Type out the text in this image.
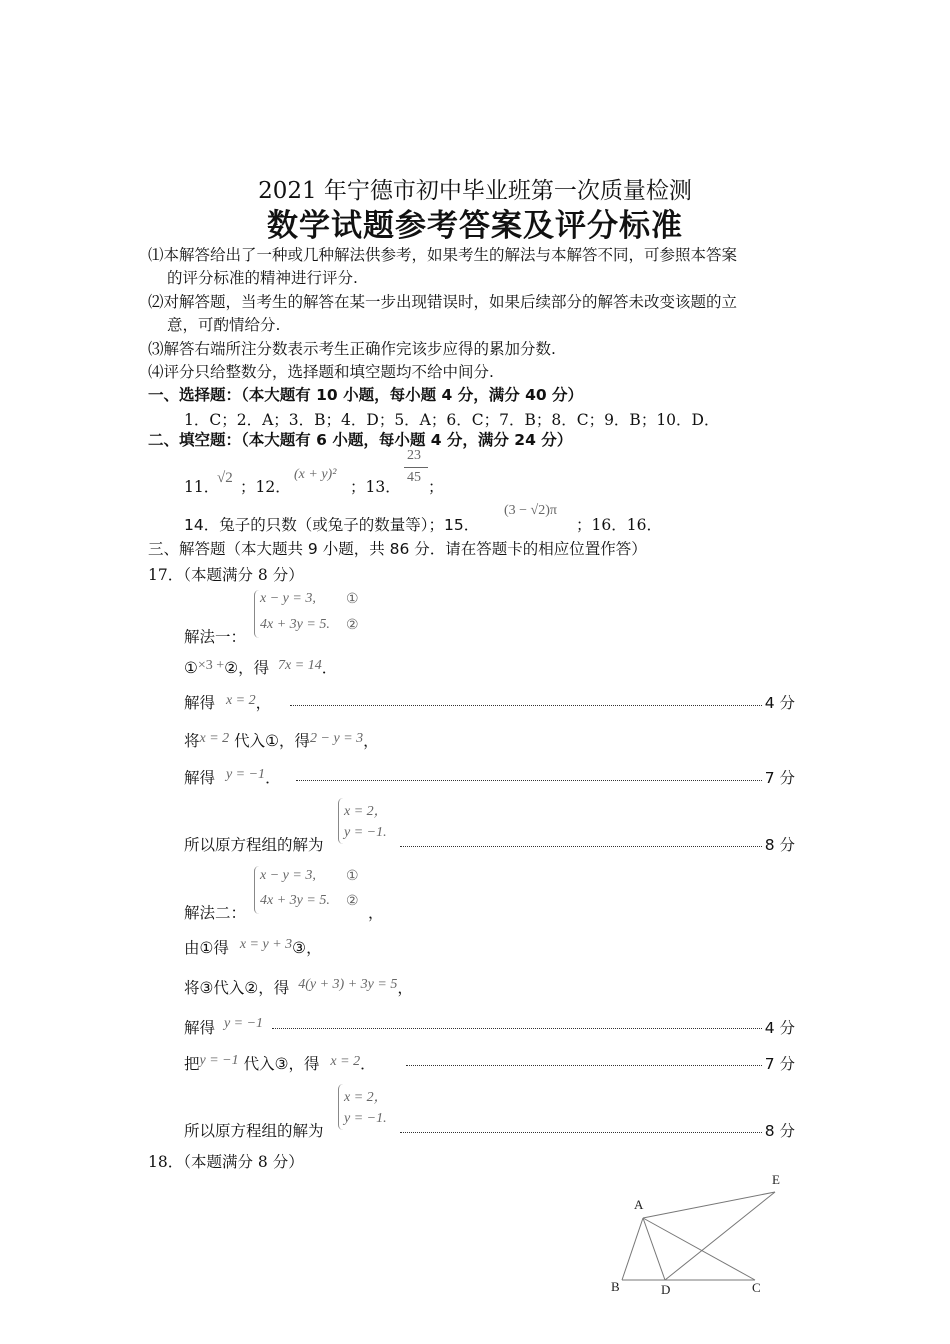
2021 年宁德市初中毕业班第一次质量检测
数学试题参考答案及评分标准
⑴本解答给出了一种或几种解法供参考，如果考生的解法与本解答不同，可参照本答案
的评分标准的精神进行评分.
⑵对解答题，当考生的解答在某一步出现错误时，如果后续部分的解答未改变该题的立
意，可酌情给分.
⑶解答右端所注分数表示考生正确作完该步应得的累加分数.
⑷评分只给整数分，选择题和填空题均不给中间分.
一、选择题：（本大题有 10 小题，每小题 4 分，满分 40 分）
1．C；2．A；3．B；4．D；5．A；6．C；7．B；8．C；9．B；10．D．
二、填空题：（本大题有 6 小题，每小题 4 分，满分 24 分）
11．
√2 ；12．
(x + y)²
；13．
23
45
；
14．兔子的只数（或兔子的数量等）；15．
(3 − √2)π
；16．16．
三、解答题（本大题共 9 小题，共 86 分．请在答题卡的相应位置作答）
17．（本题满分 8 分）
x − y = 3, ①
4x + 3y = 5. ②
解法一：
①×3 +②，得 7x = 14．
解得 x = 2，	4 分
将x = 2 代入①，得2 − y = 3，
解得 y = −1．	7 分
x = 2，
y = −1.
所以原方程组的解为	8 分
x − y = 3, ①
4x + 3y = 5. ②
解法二：	，
由①得 x = y + 3③，
将③代入②，得 4(y + 3) + 3y = 5，
解得 y = −1	4 分
把y = −1 代入③，得 x = 2．	7 分
x = 2，
y = −1.
所以原方程组的解为	8 分
18．（本题满分 8 分）
A
E
B	D	C
